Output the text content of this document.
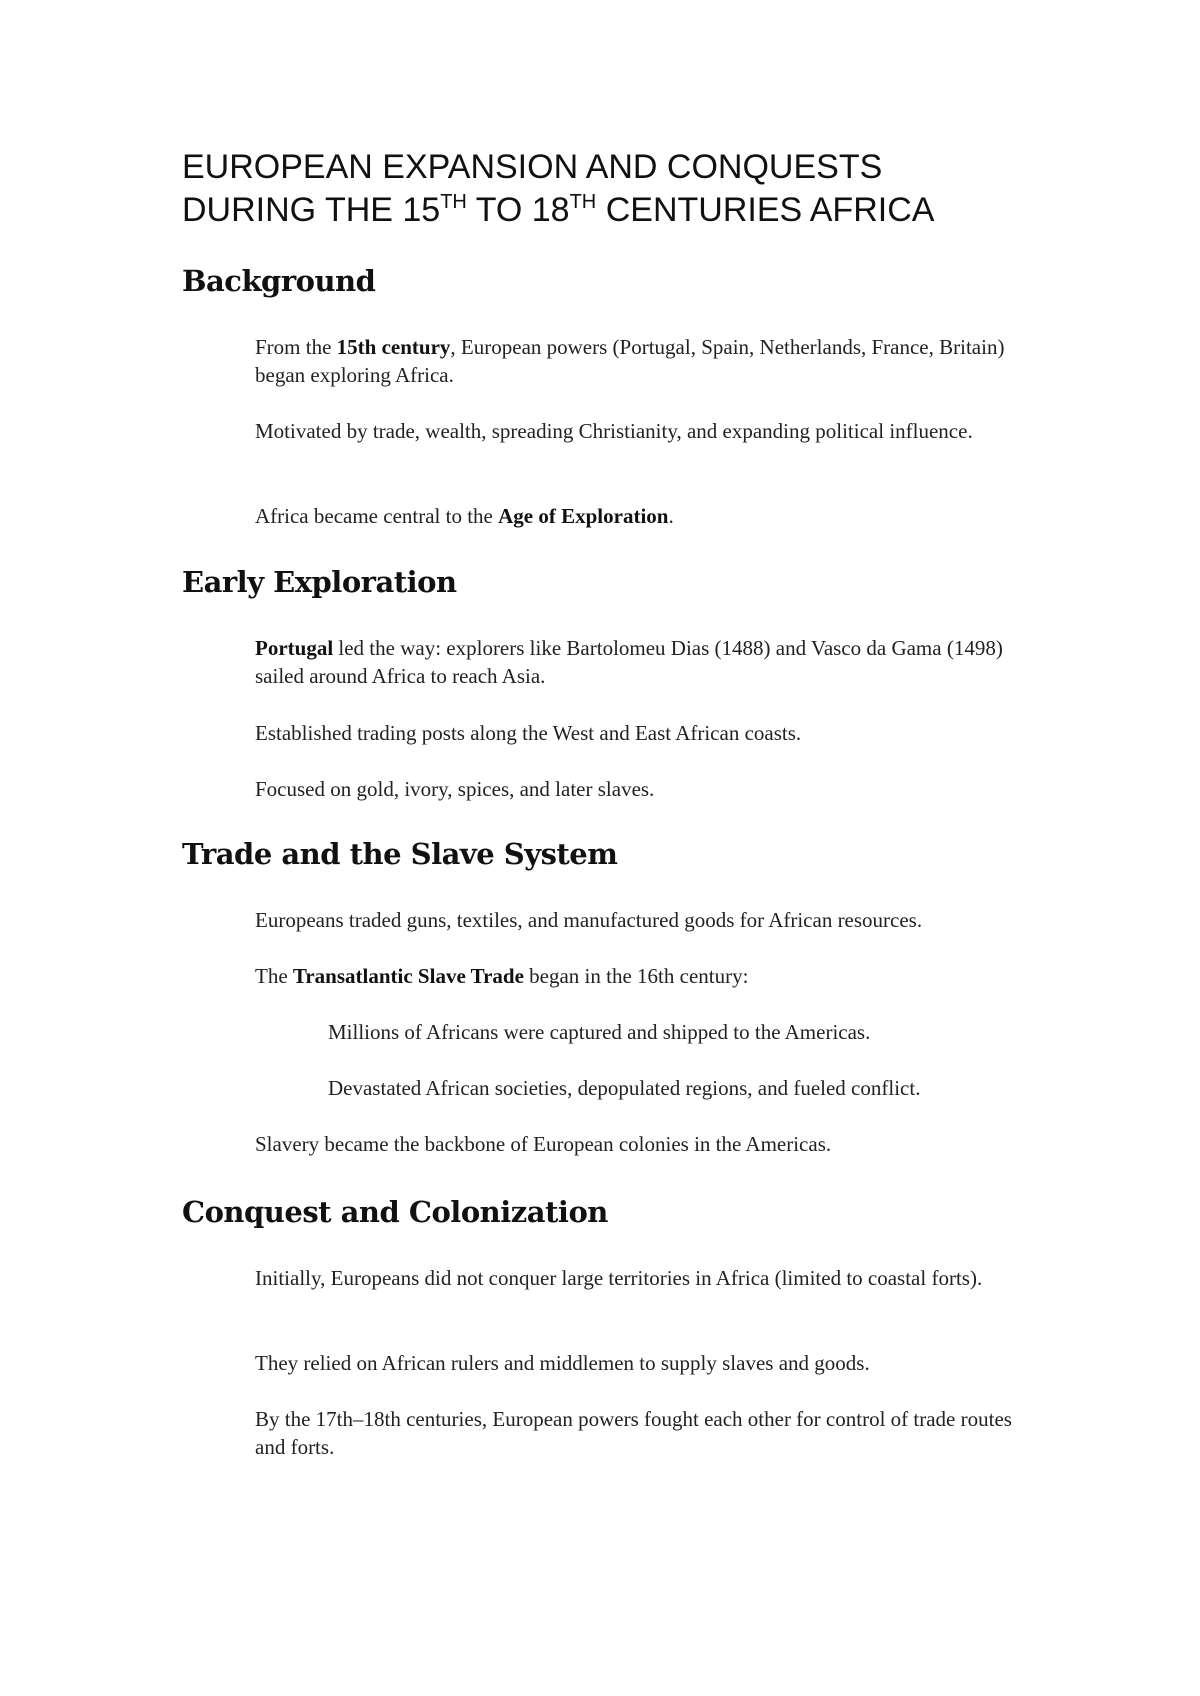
EUROPEAN EXPANSION AND CONQUESTS
DURING THE 15TH TO 18TH CENTURIES AFRICA
Background

From the 15th century, European powers (Portugal, Spain, Netherlands, France, Britain) began exploring Africa.

Motivated by trade, wealth, spreading Christianity, and expanding political influence.

Africa became central to the Age of Exploration.

Early Exploration

Portugal led the way: explorers like Bartolomeu Dias (1488) and Vasco da Gama (1498) sailed around Africa to reach Asia.

Established trading posts along the West and East African coasts.

Focused on gold, ivory, spices, and later slaves.

Trade and the Slave System

Europeans traded guns, textiles, and manufactured goods for African resources.

The Transatlantic Slave Trade began in the 16th century:

Millions of Africans were captured and shipped to the Americas.

Devastated African societies, depopulated regions, and fueled conflict.

Slavery became the backbone of European colonies in the Americas.

Conquest and Colonization

Initially, Europeans did not conquer large territories in Africa (limited to coastal forts).

They relied on African rulers and middlemen to supply slaves and goods.

By the 17th–18th centuries, European powers fought each other for control of trade routes and forts.
